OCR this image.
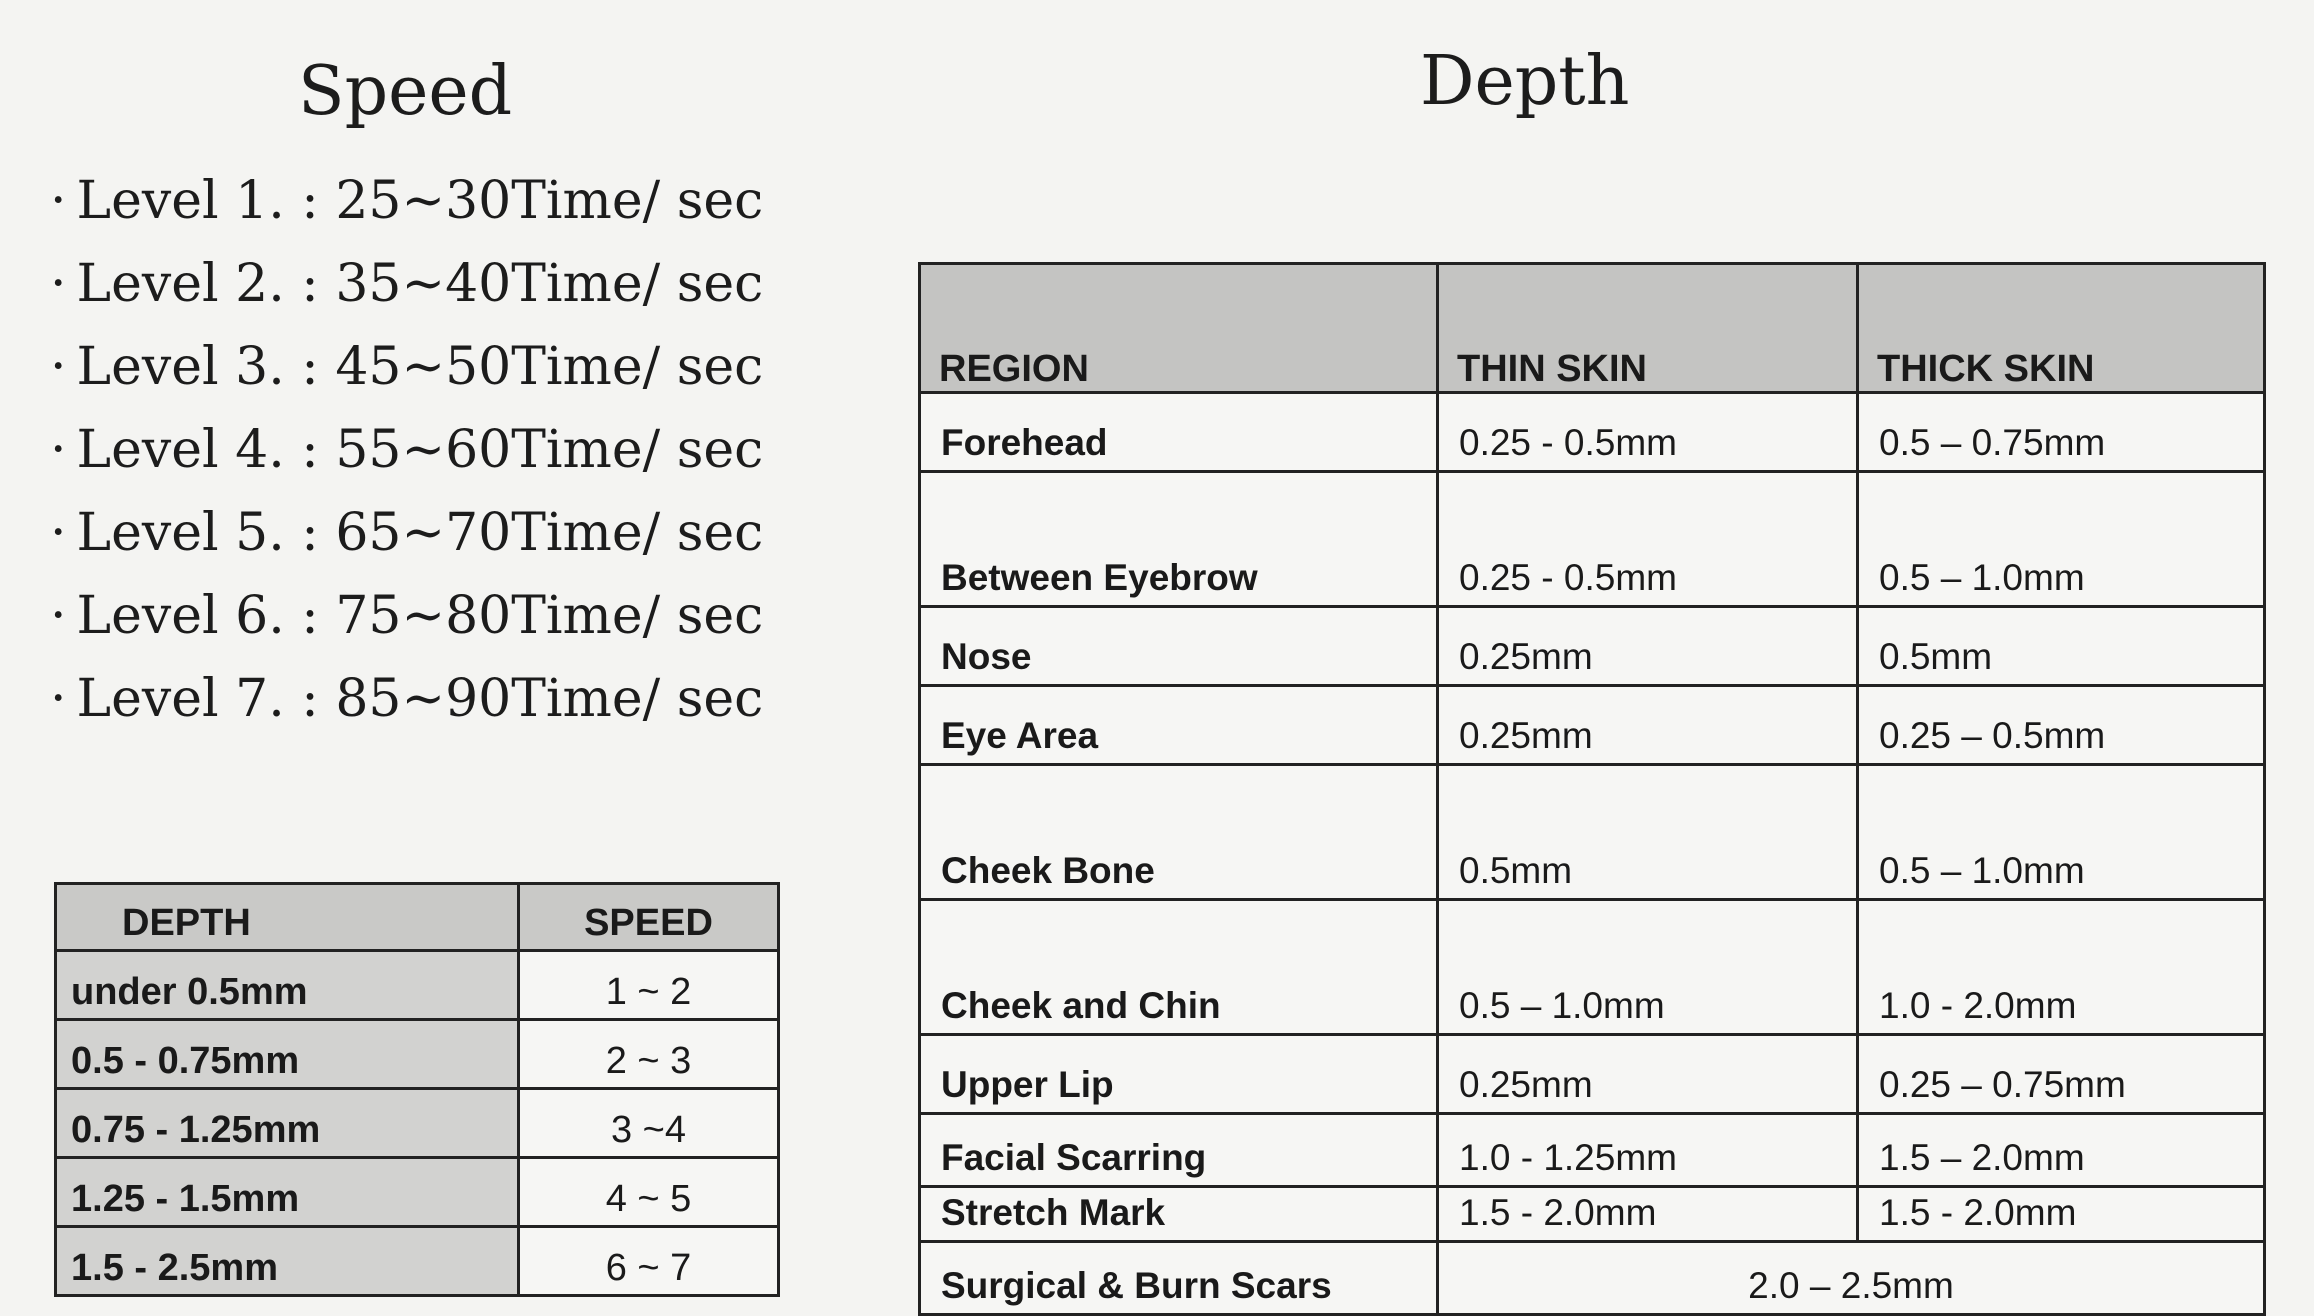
Speed
· Level 1. : 25~30Time/ sec
· Level 2. : 35~40Time/ sec
· Level 3. : 45~50Time/ sec
· Level 4. : 55~60Time/ sec
· Level 5. : 65~70Time/ sec
· Level 6. : 75~80Time/ sec
· Level 7. : 85~90Time/ sec
DEPTH	SPEED
under 0.5mm	1 ~ 2
0.5 - 0.75mm	2 ~ 3
0.75 - 1.25mm	3 ~4
1.25 - 1.5mm	4 ~ 5
1.5 - 2.5mm	6 ~ 7
Depth
REGION	THIN SKIN	THICK SKIN
Forehead	0.25 - 0.5mm	0.5 – 0.75mm
Between Eyebrow	0.25 - 0.5mm	0.5 – 1.0mm
Nose	0.25mm	0.5mm
Eye Area	0.25mm	0.25 – 0.5mm
Cheek Bone	0.5mm	0.5 – 1.0mm
Cheek and Chin	0.5 – 1.0mm	1.0 - 2.0mm
Upper Lip	0.25mm	0.25 – 0.75mm
Facial Scarring	1.0 - 1.25mm	1.5 – 2.0mm
Stretch Mark	1.5 - 2.0mm	1.5 - 2.0mm
Surgical & Burn Scars	2.0 – 2.5mm	
